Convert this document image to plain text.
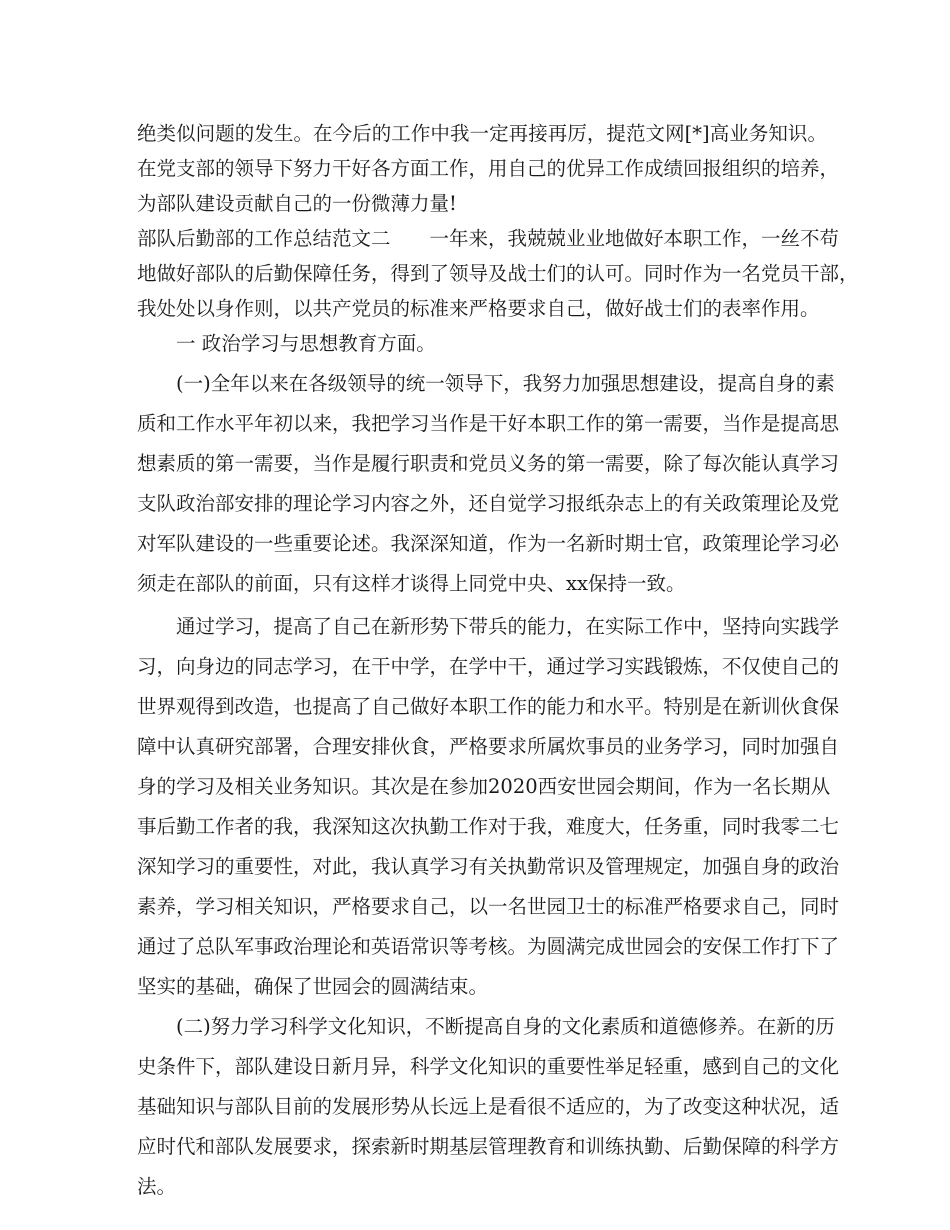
绝类似问题的发生。在今后的工作中我一定再接再厉，提范文网[*]高业务知识。

在党支部的领导下努力干好各方面工作，用自己的优异工作成绩回报组织的培养，

为部队建设贡献自己的一份微薄力量!

部队后勤部的工作总结范文二　　一年来，我兢兢业业地做好本职工作，一丝不苟

地做好部队的后勤保障任务，得到了领导及战士们的认可。同时作为一名党员干部，

我处处以身作则，以共产党员的标准来严格要求自己，做好战士们的表率作用。

　　一 政治学习与思想教育方面。

　　(一)全年以来在各级领导的统一领导下，我努力加强思想建设，提高自身的素

质和工作水平年初以来，我把学习当作是干好本职工作的第一需要，当作是提高思

想素质的第一需要，当作是履行职责和党员义务的第一需要，除了每次能认真学习

支队政治部安排的理论学习内容之外，还自觉学习报纸杂志上的有关政策理论及党

对军队建设的一些重要论述。我深深知道，作为一名新时期士官，政策理论学习必

须走在部队的前面，只有这样才谈得上同党中央、xx保持一致。

　　通过学习，提高了自己在新形势下带兵的能力，在实际工作中，坚持向实践学

习，向身边的同志学习，在干中学，在学中干，通过学习实践锻炼，不仅使自己的

世界观得到改造，也提高了自己做好本职工作的能力和水平。特别是在新训伙食保

障中认真研究部署，合理安排伙食，严格要求所属炊事员的业务学习，同时加强自

身的学习及相关业务知识。其次是在参加2020西安世园会期间，作为一名长期从

事后勤工作者的我，我深知这次执勤工作对于我，难度大，任务重，同时我零二七

深知学习的重要性，对此，我认真学习有关执勤常识及管理规定，加强自身的政治

素养，学习相关知识，严格要求自己，以一名世园卫士的标准严格要求自己，同时

通过了总队军事政治理论和英语常识等考核。为圆满完成世园会的安保工作打下了

坚实的基础，确保了世园会的圆满结束。

　　(二)努力学习科学文化知识，不断提高自身的文化素质和道德修养。在新的历

史条件下，部队建设日新月异，科学文化知识的重要性举足轻重，感到自己的文化

基础知识与部队目前的发展形势从长远上是看很不适应的，为了改变这种状况，适

应时代和部队发展要求，探索新时期基层管理教育和训练执勤、后勤保障的科学方

法。
